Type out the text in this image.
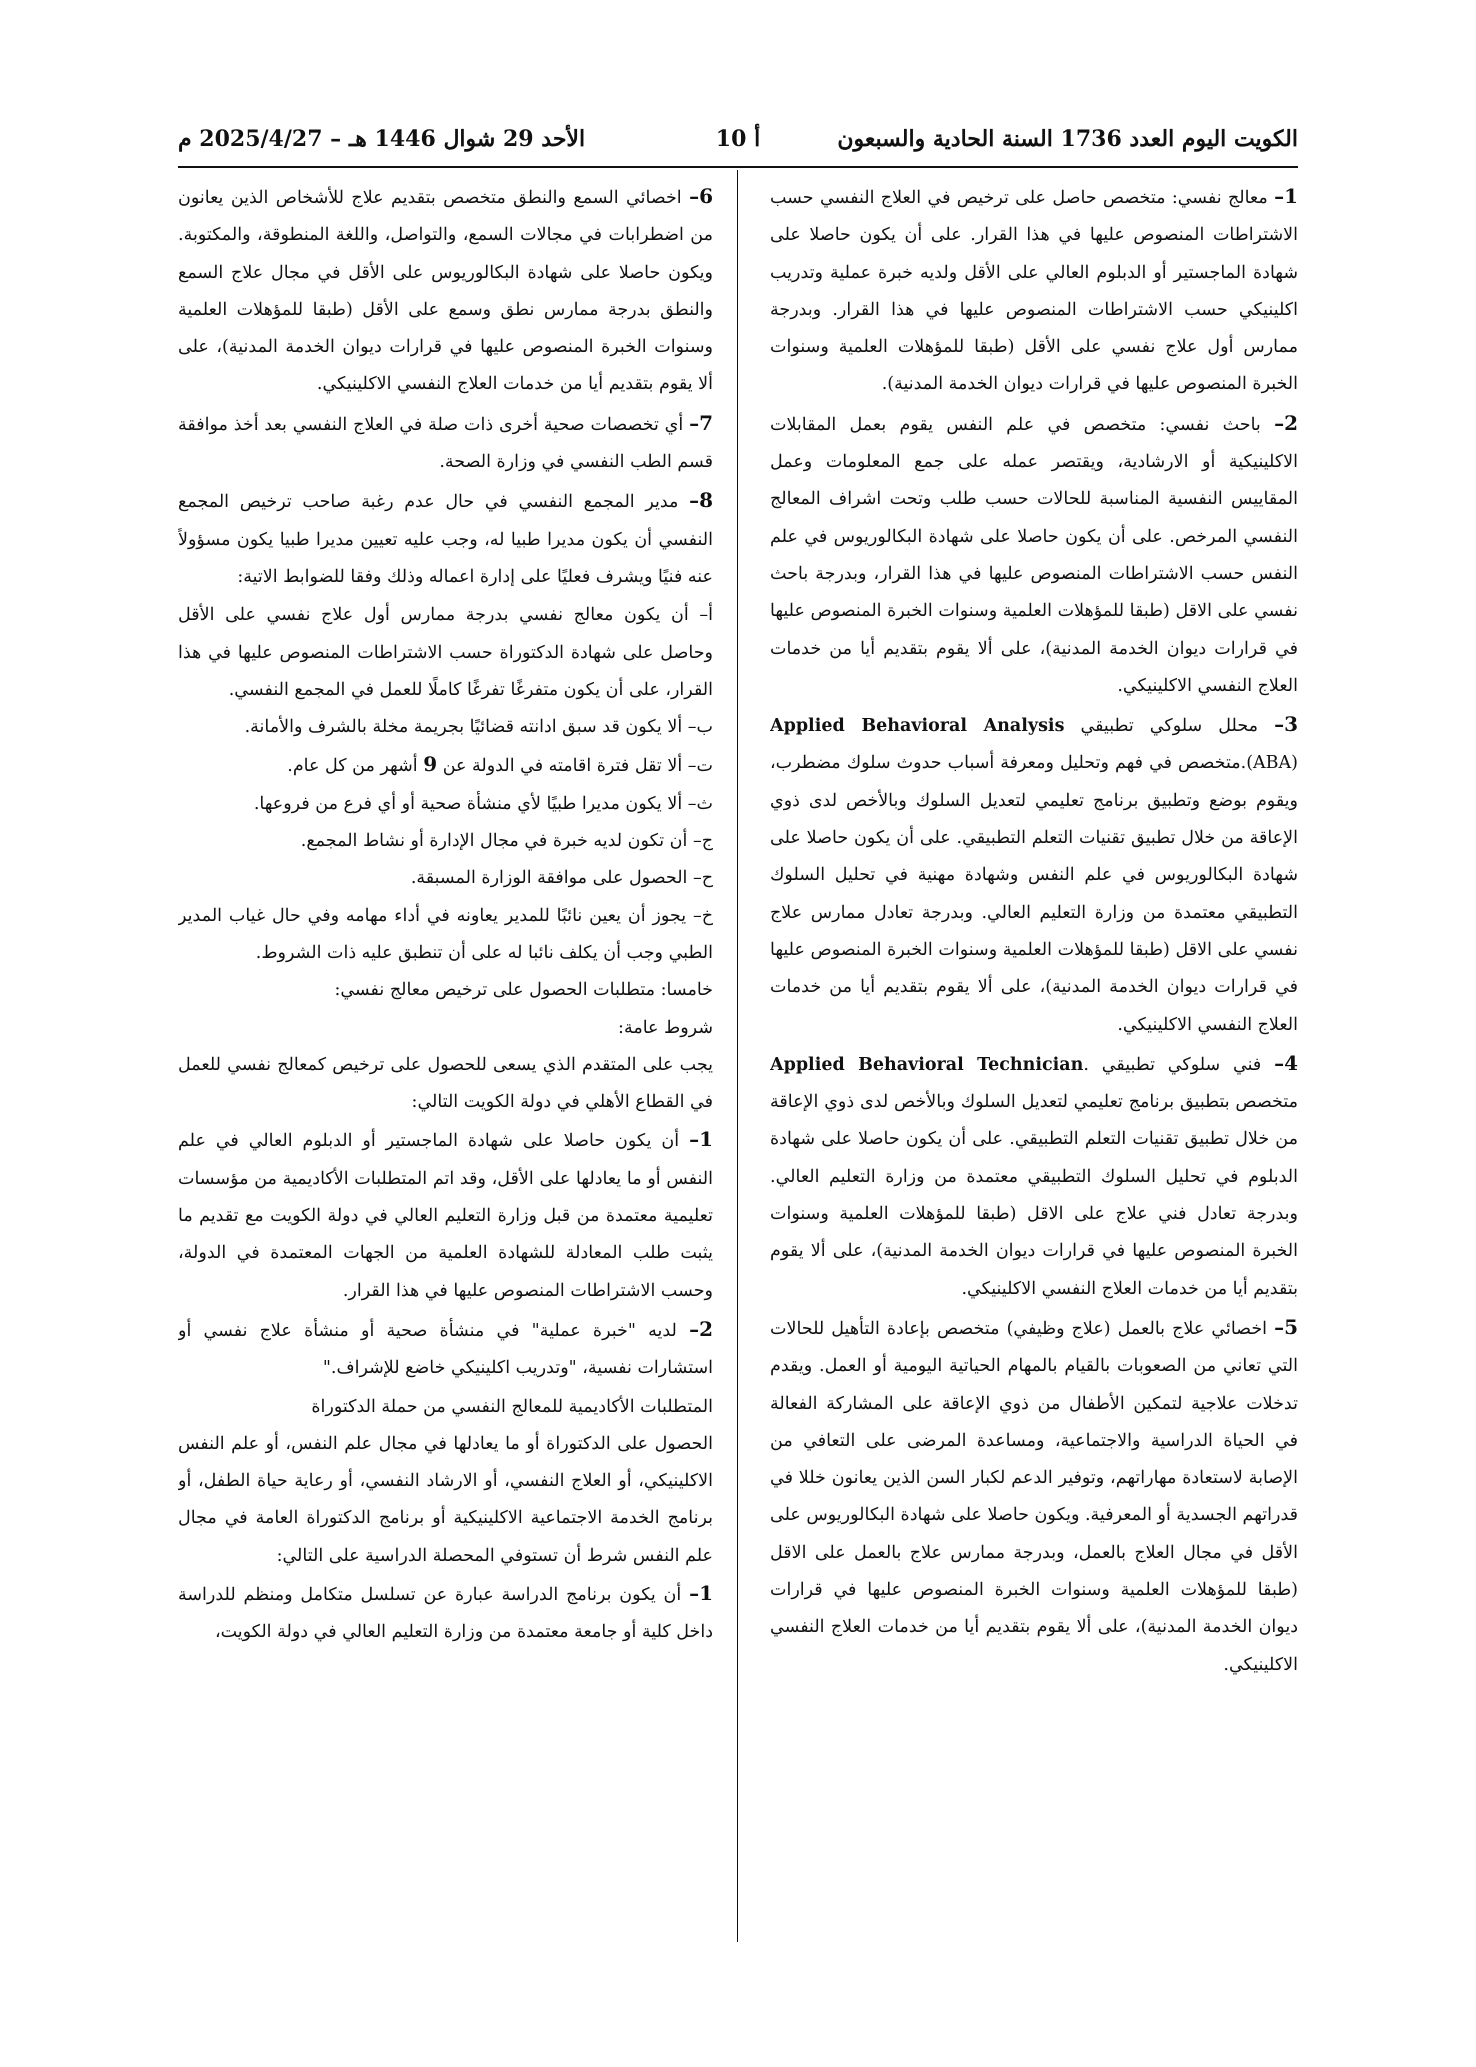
الكويت اليوم العدد 1736 السنة الحادية والسبعون
أ 10
الأحد 29 شوال 1446 هـ – 2025/4/27 م

1– معالج نفسي: متخصص حاصل على ترخيص في العلاج النفسي حسب الاشتراطات المنصوص عليها في هذا القرار. على أن يكون حاصلا على شهادة الماجستير أو الدبلوم العالي على الأقل ولديه خبرة عملية وتدريب اكلينيكي حسب الاشتراطات المنصوص عليها في هذا القرار. وبدرجة ممارس أول علاج نفسي على الأقل (طبقا للمؤهلات العلمية وسنوات الخبرة المنصوص عليها في قرارات ديوان الخدمة المدنية).

2– باحث نفسي: متخصص في علم النفس يقوم بعمل المقابلات الاكلينيكية أو الارشادية، ويقتصر عمله على جمع المعلومات وعمل المقاييس النفسية المناسبة للحالات حسب طلب وتحت اشراف المعالج النفسي المرخص. على أن يكون حاصلا على شهادة البكالوريوس في علم النفس حسب الاشتراطات المنصوص عليها في هذا القرار، وبدرجة باحث نفسي على الاقل (طبقا للمؤهلات العلمية وسنوات الخبرة المنصوص عليها في قرارات ديوان الخدمة المدنية)، على ألا يقوم بتقديم أيا من خدمات العلاج النفسي الاكلينيكي.

3– محلل سلوكي تطبيقي Applied Behavioral Analysis (ABA).متخصص في فهم وتحليل ومعرفة أسباب حدوث سلوك مضطرب، ويقوم بوضع وتطبيق برنامج تعليمي لتعديل السلوك وبالأخص لدى ذوي الإعاقة من خلال تطبيق تقنيات التعلم التطبيقي. على أن يكون حاصلا على شهادة البكالوريوس في علم النفس وشهادة مهنية في تحليل السلوك التطبيقي معتمدة من وزارة التعليم العالي. وبدرجة تعادل ممارس علاج نفسي على الاقل (طبقا للمؤهلات العلمية وسنوات الخبرة المنصوص عليها في قرارات ديوان الخدمة المدنية)، على ألا يقوم بتقديم أيا من خدمات العلاج النفسي الاكلينيكي.

4– فني سلوكي تطبيقي .Applied Behavioral Technician متخصص بتطبيق برنامج تعليمي لتعديل السلوك وبالأخص لدى ذوي الإعاقة من خلال تطبيق تقنيات التعلم التطبيقي. على أن يكون حاصلا على شهادة الدبلوم في تحليل السلوك التطبيقي معتمدة من وزارة التعليم العالي. وبدرجة تعادل فني علاج على الاقل (طبقا للمؤهلات العلمية وسنوات الخبرة المنصوص عليها في قرارات ديوان الخدمة المدنية)، على ألا يقوم بتقديم أيا من خدمات العلاج النفسي الاكلينيكي.

5– اخصائي علاج بالعمل (علاج وظيفي) متخصص بإعادة التأهيل للحالات التي تعاني من الصعوبات بالقيام بالمهام الحياتية اليومية أو العمل. ويقدم تدخلات علاجية لتمكين الأطفال من ذوي الإعاقة على المشاركة الفعالة في الحياة الدراسية والاجتماعية، ومساعدة المرضى على التعافي من الإصابة لاستعادة مهاراتهم، وتوفير الدعم لكبار السن الذين يعانون خللا في قدراتهم الجسدية أو المعرفية. ويكون حاصلا على شهادة البكالوريوس على الأقل في مجال العلاج بالعمل، وبدرجة ممارس علاج بالعمل على الاقل (طبقا للمؤهلات العلمية وسنوات الخبرة المنصوص عليها في قرارات ديوان الخدمة المدنية)، على ألا يقوم بتقديم أيا من خدمات العلاج النفسي الاكلينيكي.

6– اخصائي السمع والنطق متخصص بتقديم علاج للأشخاص الذين يعانون من اضطرابات في مجالات السمع، والتواصل، واللغة المنطوقة، والمكتوبة. ويكون حاصلا على شهادة البكالوريوس على الأقل في مجال علاج السمع والنطق بدرجة ممارس نطق وسمع على الأقل (طبقا للمؤهلات العلمية وسنوات الخبرة المنصوص عليها في قرارات ديوان الخدمة المدنية)، على ألا يقوم بتقديم أيا من خدمات العلاج النفسي الاكلينيكي.

7– أي تخصصات صحية أخرى ذات صلة في العلاج النفسي بعد أخذ موافقة قسم الطب النفسي في وزارة الصحة.

8– مدير المجمع النفسي في حال عدم رغبة صاحب ترخيص المجمع النفسي أن يكون مديرا طبيا له، وجب عليه تعيين مديرا طبيا يكون مسؤولاً عنه فنيًا ويشرف فعليًا على إدارة اعماله وذلك وفقا للضوابط الاتية:

أ– أن يكون معالج نفسي بدرجة ممارس أول علاج نفسي على الأقل وحاصل على شهادة الدكتوراة حسب الاشتراطات المنصوص عليها في هذا القرار، على أن يكون متفرغًا تفرغًا كاملًا للعمل في المجمع النفسي.

ب– ألا يكون قد سبق ادانته قضائيًا بجريمة مخلة بالشرف والأمانة.

ت– ألا تقل فترة اقامته في الدولة عن 9 أشهر من كل عام.

ث– ألا يكون مديرا طبيًا لأي منشأة صحية أو أي فرع من فروعها.

ج– أن تكون لديه خبرة في مجال الإدارة أو نشاط المجمع.

ح– الحصول على موافقة الوزارة المسبقة.

خ– يجوز أن يعين نائبًا للمدير يعاونه في أداء مهامه وفي حال غياب المدير الطبي وجب أن يكلف نائبا له على أن تنطبق عليه ذات الشروط.

خامسا: متطلبات الحصول على ترخيص معالج نفسي:

شروط عامة:

يجب على المتقدم الذي يسعى للحصول على ترخيص كمعالج نفسي للعمل في القطاع الأهلي في دولة الكويت التالي:

1– أن يكون حاصلا على شهادة الماجستير أو الدبلوم العالي في علم النفس أو ما يعادلها على الأقل، وقد اتم المتطلبات الأكاديمية من مؤسسات تعليمية معتمدة من قبل وزارة التعليم العالي في دولة الكويت مع تقديم ما يثبت طلب المعادلة للشهادة العلمية من الجهات المعتمدة في الدولة، وحسب الاشتراطات المنصوص عليها في هذا القرار.

2– لديه "خبرة عملية" في منشأة صحية أو منشأة علاج نفسي أو استشارات نفسية، "وتدريب اكلينيكي خاضع للإشراف."

المتطلبات الأكاديمية للمعالج النفسي من حملة الدكتوراة

الحصول على الدكتوراة أو ما يعادلها في مجال علم النفس، أو علم النفس الاكلينيكي، أو العلاج النفسي، أو الارشاد النفسي، أو رعاية حياة الطفل، أو برنامج الخدمة الاجتماعية الاكلينيكية أو برنامج الدكتوراة العامة في مجال علم النفس شرط أن تستوفي المحصلة الدراسية على التالي:

1– أن يكون برنامج الدراسة عبارة عن تسلسل متكامل ومنظم للدراسة داخل كلية أو جامعة معتمدة من وزارة التعليم العالي في دولة الكويت،
